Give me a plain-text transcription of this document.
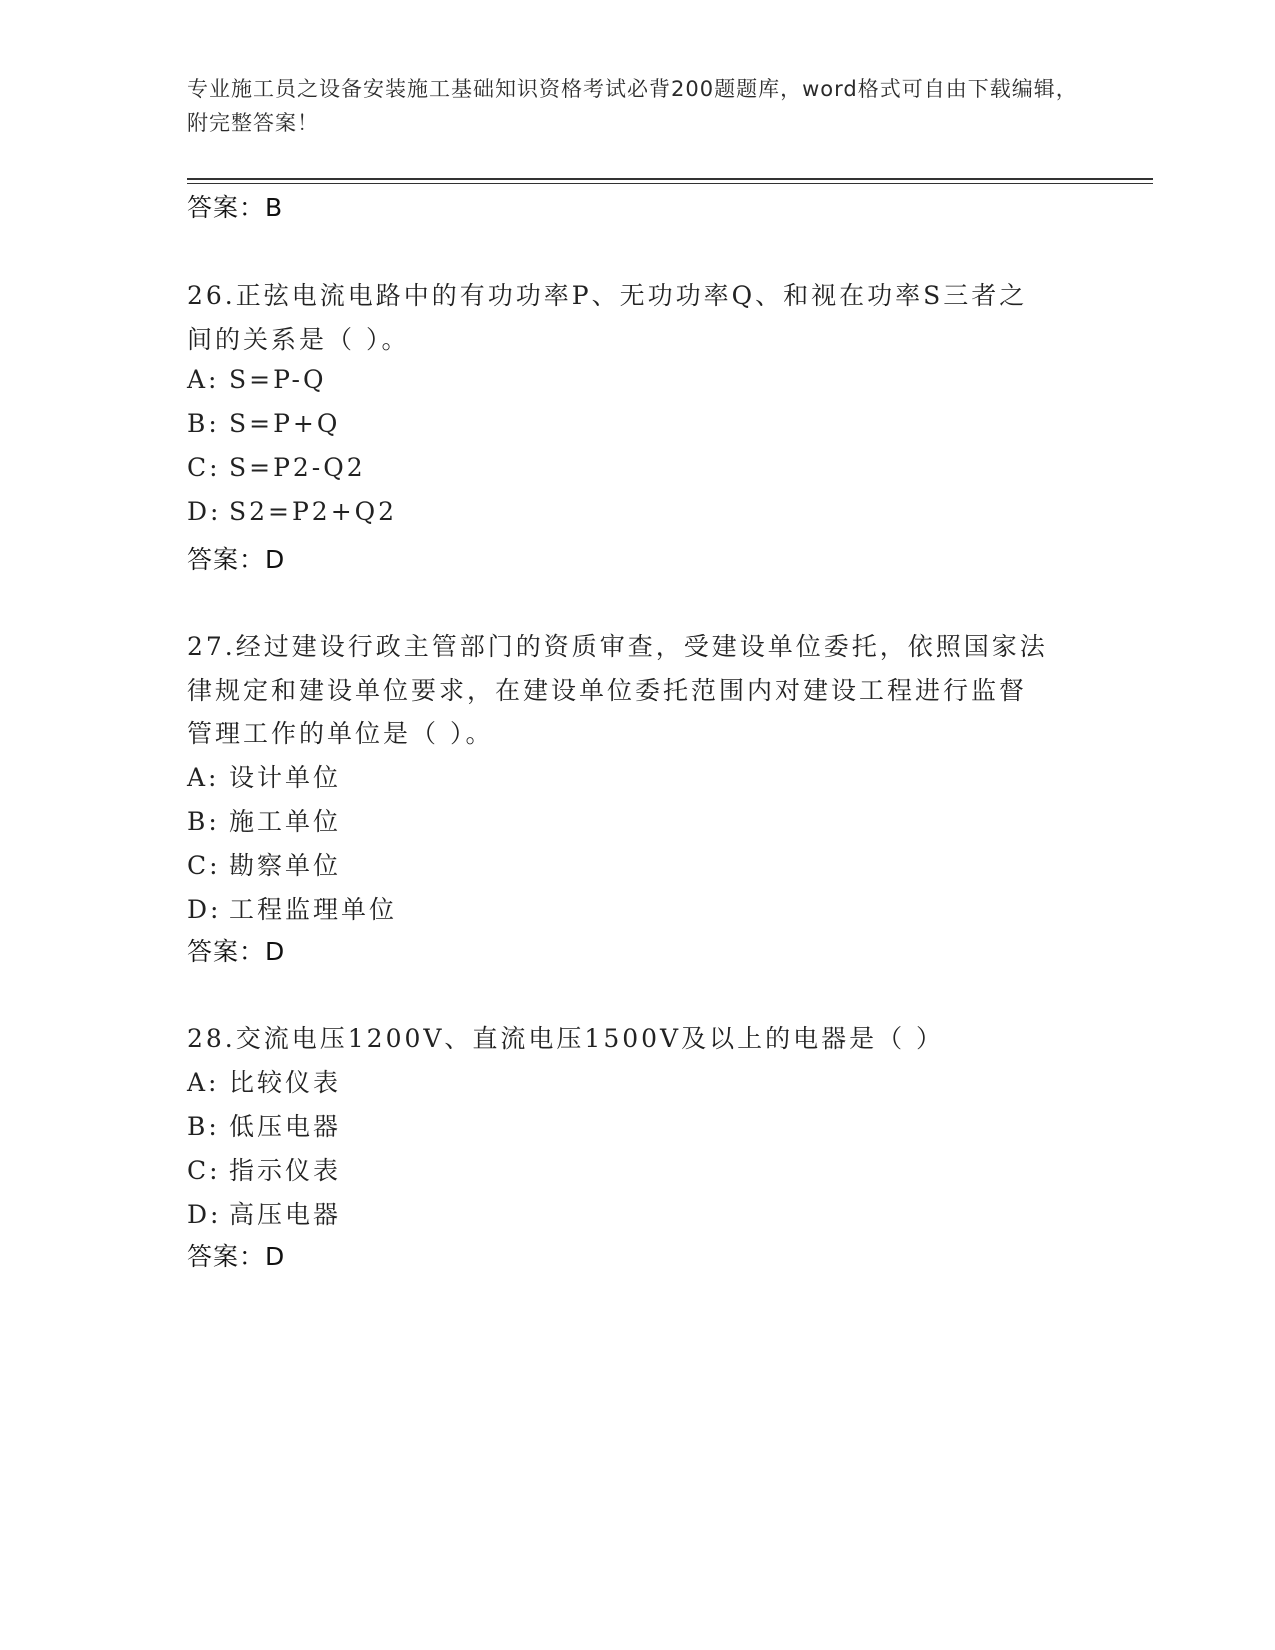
专业施工员之设备安装施工基础知识资格考试必背200题题库，word格式可自由下载编辑，附完整答案！
答案：B
26.正弦电流电路中的有功功率P、无功功率Q、和视在功率S三者之
间的关系是（ ）。
A: S=P-Q
B: S=P+Q
C: S=P2-Q2
D: S2=P2+Q2
答案：D
27.经过建设行政主管部门的资质审查，受建设单位委托，依照国家法
律规定和建设单位要求，在建设单位委托范围内对建设工程进行监督
管理工作的单位是（ ）。
A: 设计单位
B: 施工单位
C: 勘察单位
D: 工程监理单位
答案：D
28.交流电压1200V、直流电压1500V及以上的电器是（ ）
A: 比较仪表
B: 低压电器
C: 指示仪表
D: 高压电器
答案：D
